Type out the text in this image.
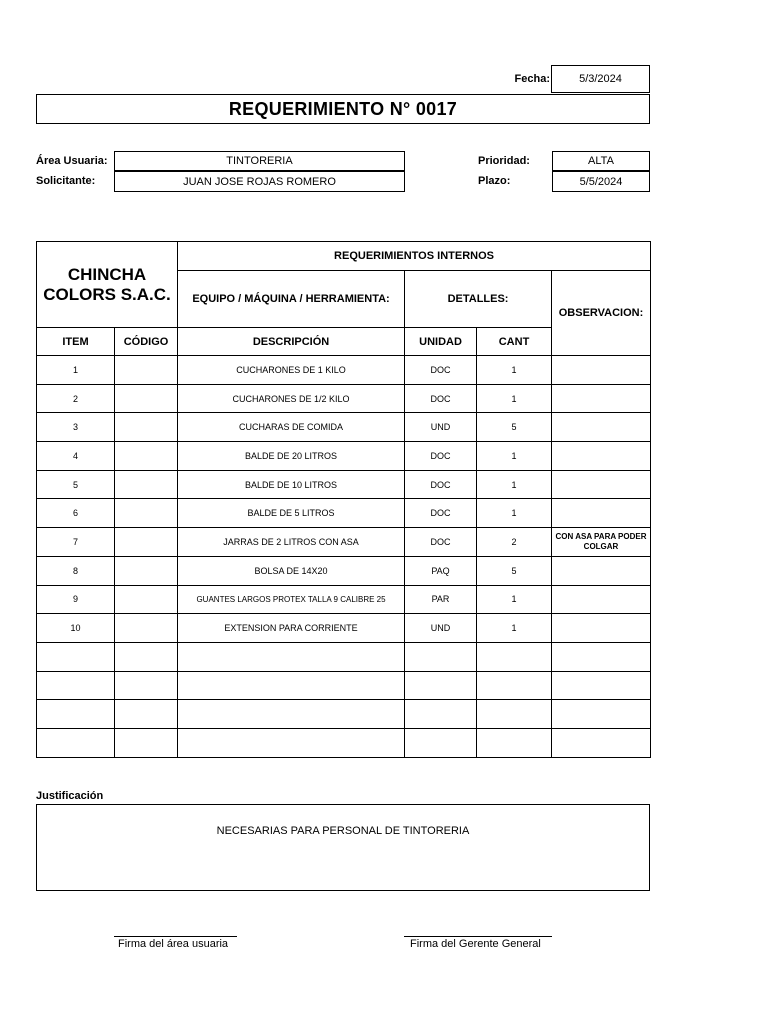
Fecha:	5/3/2024
REQUERIMIENTO N° 0017
Área Usuaria:	TINTORERIA
Solicitante:	JUAN JOSE ROJAS ROMERO
Prioridad:	ALTA
Plazo:	5/5/2024
CHINCHA
COLORS S.A.C.		REQUERIMIENTOS INTERNOS			
		EQUIPO / MÁQUINA / HERRAMIENTA:	DETALLES:		OBSERVACION:
ITEM	CÓDIGO	DESCRIPCIÓN	UNIDAD	CANT	
1		CUCHARONES DE 1 KILO	DOC	1	
2		CUCHARONES DE 1/2 KILO	DOC	1	
3		CUCHARAS DE COMIDA	UND	5	
4		BALDE DE 20 LITROS	DOC	1	
5		BALDE DE 10 LITROS	DOC	1	
6		BALDE DE 5 LITROS	DOC	1	
7		JARRAS DE 2 LITROS CON ASA	DOC	2	CON ASA PARA PODER COLGAR
8		BOLSA DE 14X20	PAQ	5	
9		GUANTES LARGOS PROTEX TALLA 9 CALIBRE 25	PAR	1	
10		EXTENSION PARA CORRIENTE	UND	1	

Justificación
NECESARIAS PARA PERSONAL DE TINTORERIA
Firma del área usuaria	Firma del Gerente General
